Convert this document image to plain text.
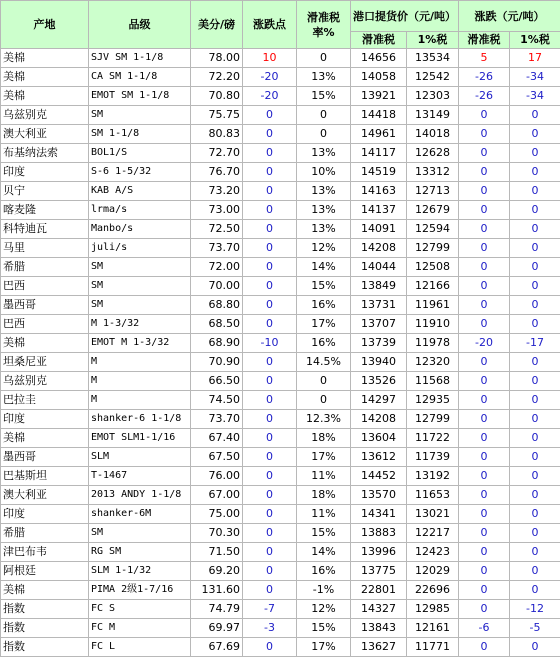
产地	品级	美分/磅	涨跌点	滑准税率%	港口提货价（元/吨）		涨跌（元/吨）	
					滑准税	1%税	滑准税	1%税
美棉	SJV SM 1-1/8	78.00	10	0	14656	13534	5	17
美棉	CA SM 1-1/8	72.20	-20	13%	14058	12542	-26	-34
美棉	EMOT SM 1-1/8	70.80	-20	15%	13921	12303	-26	-34
乌兹别克	SM	75.75	0	0	14418	13149	0	0
澳大利亚	SM 1-1/8	80.83	0	0	14961	14018	0	0
布基纳法索	BOL1/S	72.70	0	13%	14117	12628	0	0
印度	S-6 1-5/32	76.70	0	10%	14519	13312	0	0
贝宁	KAB A/S	73.20	0	13%	14163	12713	0	0
喀麦隆	lrma/s	73.00	0	13%	14137	12679	0	0
科特迪瓦	Manbo/s	72.50	0	13%	14091	12594	0	0
马里	juli/s	73.70	0	12%	14208	12799	0	0
希腊	SM	72.00	0	14%	14044	12508	0	0
巴西	SM	70.00	0	15%	13849	12166	0	0
墨西哥	SM	68.80	0	16%	13731	11961	0	0
巴西	M 1-3/32	68.50	0	17%	13707	11910	0	0
美棉	EMOT M 1-3/32	68.90	-10	16%	13739	11978	-20	-17
坦桑尼亚	M	70.90	0	14.5%	13940	12320	0	0
乌兹别克	M	66.50	0	0	13526	11568	0	0
巴拉圭	M	74.50	0	0	14297	12935	0	0
印度	shanker-6 1-1/8	73.70	0	12.3%	14208	12799	0	0
美棉	EMOT SLM1-1/16	67.40	0	18%	13604	11722	0	0
墨西哥	SLM	67.50	0	17%	13612	11739	0	0
巴基斯坦	T-1467	76.00	0	11%	14452	13192	0	0
澳大利亚	2013 ANDY 1-1/8	67.00	0	18%	13570	11653	0	0
印度	shanker-6M	75.00	0	11%	14341	13021	0	0
希腊	SM	70.30	0	15%	13883	12217	0	0
津巴布韦	RG SM	71.50	0	14%	13996	12423	0	0
阿根廷	SLM 1-1/32	69.20	0	16%	13775	12029	0	0
美棉	PIMA 2级1-7/16	131.60	0	-1%	22801	22696	0	0
指数	FC S	74.79	-7	12%	14327	12985	0	-12
指数	FC M	69.97	-3	15%	13843	12161	-6	-5
指数	FC L	67.69	0	17%	13627	11771	0	0
